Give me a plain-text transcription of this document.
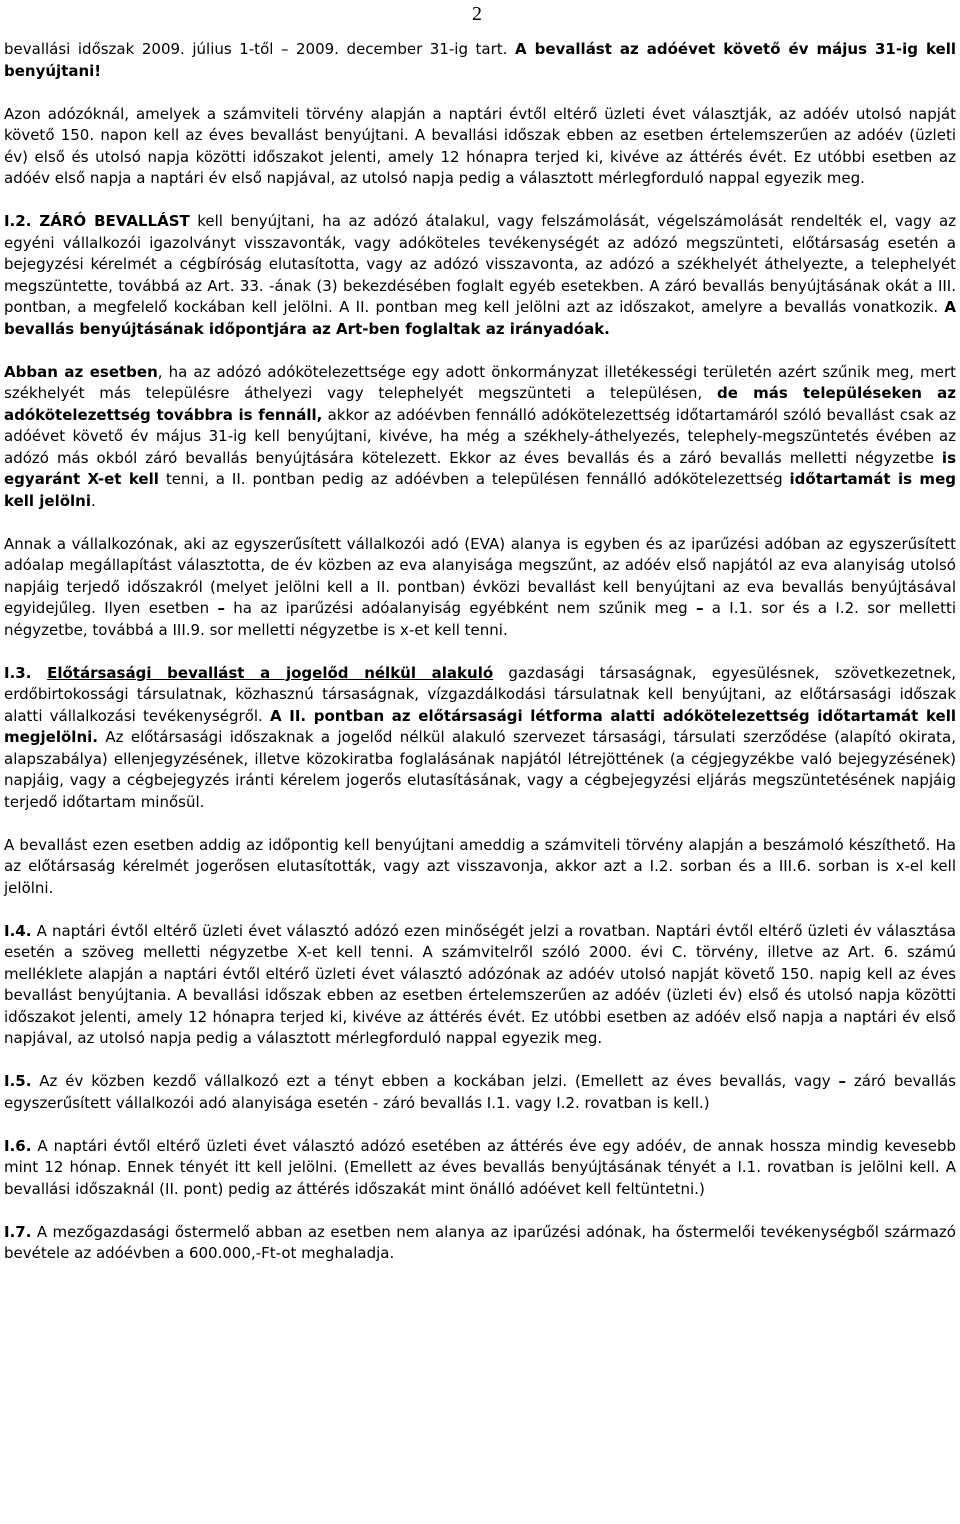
2

bevallási időszak 2009. július 1-től – 2009. december 31-ig tart. A bevallást az adóévet követő év május 31-ig kell benyújtani!

Azon adózóknál, amelyek a számviteli törvény alapján a naptári évtől eltérő üzleti évet választják, az adóév utolsó napját követő 150. napon kell az éves bevallást benyújtani. A bevallási időszak ebben az esetben értelemszerűen az adóév (üzleti év) első és utolsó napja közötti időszakot jelenti, amely 12 hónapra terjed ki, kivéve az áttérés évét. Ez utóbbi esetben az adóév első napja a naptári év első napjával, az utolsó napja pedig a választott mérlegforduló nappal egyezik meg.

I.2. ZÁRÓ BEVALLÁST kell benyújtani, ha az adózó átalakul, vagy felszámolását, végelszámolását rendelték el, vagy az egyéni vállalkozói igazolványt visszavonták, vagy adóköteles tevékenységét az adózó megszünteti, előtársaság esetén a bejegyzési kérelmét a cégbíróság elutasította, vagy az adózó visszavonta, az adózó a székhelyét áthelyezte, a telephelyét megszüntette, továbbá az Art. 33. -ának (3) bekezdésében foglalt egyéb esetekben. A záró bevallás benyújtásának okát a III. pontban, a megfelelő kockában kell jelölni. A II. pontban meg kell jelölni azt az időszakot, amelyre a bevallás vonatkozik. A bevallás benyújtásának időpontjára az Art-ben foglaltak az irányadóak.

Abban az esetben, ha az adózó adókötelezettsége egy adott önkormányzat illetékességi területén azért szűnik meg, mert székhelyét más településre áthelyezi vagy telephelyét megszünteti a településen, de más településeken az adókötelezettség továbbra is fennáll, akkor az adóévben fennálló adókötelezettség időtartamáról szóló bevallást csak az adóévet követő év május 31-ig kell benyújtani, kivéve, ha még a székhely-áthelyezés, telephely-megszüntetés évében az adózó más okból záró bevallás benyújtására kötelezett. Ekkor az éves bevallás és a záró bevallás melletti négyzetbe is egyaránt X-et kell tenni, a II. pontban pedig az adóévben a településen fennálló adókötelezettség időtartamát is meg kell jelölni.

Annak a vállalkozónak, aki az egyszerűsített vállalkozói adó (EVA) alanya is egyben és az iparűzési adóban az egyszerűsített adóalap megállapítást választotta, de év közben az eva alanyisága megszűnt, az adóév első napjától az eva alanyiság utolsó napjáig terjedő időszakról (melyet jelölni kell a II. pontban) évközi bevallást kell benyújtani az eva bevallás benyújtásával egyidejűleg. Ilyen esetben – ha az iparűzési adóalanyiság egyébként nem szűnik meg – a I.1. sor és a I.2. sor melletti négyzetbe, továbbá a III.9. sor melletti négyzetbe is x-et kell tenni.

I.3. Előtársasági bevallást a jogelőd nélkül alakuló gazdasági társaságnak, egyesülésnek, szövetkezetnek, erdőbirtokossági társulatnak, közhasznú társaságnak, vízgazdálkodási társulatnak kell benyújtani, az előtársasági időszak alatti vállalkozási tevékenységről. A II. pontban az előtársasági létforma alatti adókötelezettség időtartamát kell megjelölni. Az előtársasági időszaknak a jogelőd nélkül alakuló szervezet társasági, társulati szerződése (alapító okirata, alapszabálya) ellenjegyzésének, illetve közokiratba foglalásának napjától létrejöttének (a cégjegyzékbe való bejegyzésének) napjáig, vagy a cégbejegyzés iránti kérelem jogerős elutasításának, vagy a cégbejegyzési eljárás megszüntetésének napjáig terjedő időtartam minősül.

A bevallást ezen esetben addig az időpontig kell benyújtani ameddig a számviteli törvény alapján a beszámoló készíthető. Ha az előtársaság kérelmét jogerősen elutasították, vagy azt visszavonja, akkor azt a I.2. sorban és a III.6. sorban is x-el kell jelölni.

I.4. A naptári évtől eltérő üzleti évet választó adózó ezen minőségét jelzi a rovatban. Naptári évtől eltérő üzleti év választása esetén a szöveg melletti négyzetbe X-et kell tenni. A számvitelről szóló 2000. évi C. törvény, illetve az Art. 6. számú melléklete alapján a naptári évtől eltérő üzleti évet választó adózónak az adóév utolsó napját követő 150. napig kell az éves bevallást benyújtania. A bevallási időszak ebben az esetben értelemszerűen az adóév (üzleti év) első és utolsó napja közötti időszakot jelenti, amely 12 hónapra terjed ki, kivéve az áttérés évét. Ez utóbbi esetben az adóév első napja a naptári év első napjával, az utolsó napja pedig a választott mérlegforduló nappal egyezik meg.

I.5. Az év közben kezdő vállalkozó ezt a tényt ebben a kockában jelzi. (Emellett az éves bevallás, vagy – záró bevallás egyszerűsített vállalkozói adó alanyisága esetén - záró bevallás I.1. vagy I.2. rovatban is kell.)

I.6. A naptári évtől eltérő üzleti évet választó adózó esetében az áttérés éve egy adóév, de annak hossza mindig kevesebb mint 12 hónap. Ennek tényét itt kell jelölni. (Emellett az éves bevallás benyújtásának tényét a I.1. rovatban is jelölni kell. A bevallási időszaknál (II. pont) pedig az áttérés időszakát mint önálló adóévet kell feltüntetni.)

I.7. A mezőgazdasági őstermelő abban az esetben nem alanya az iparűzési adónak, ha őstermelői tevékenységből származó bevétele az adóévben a 600.000,-Ft-ot meghaladja.
